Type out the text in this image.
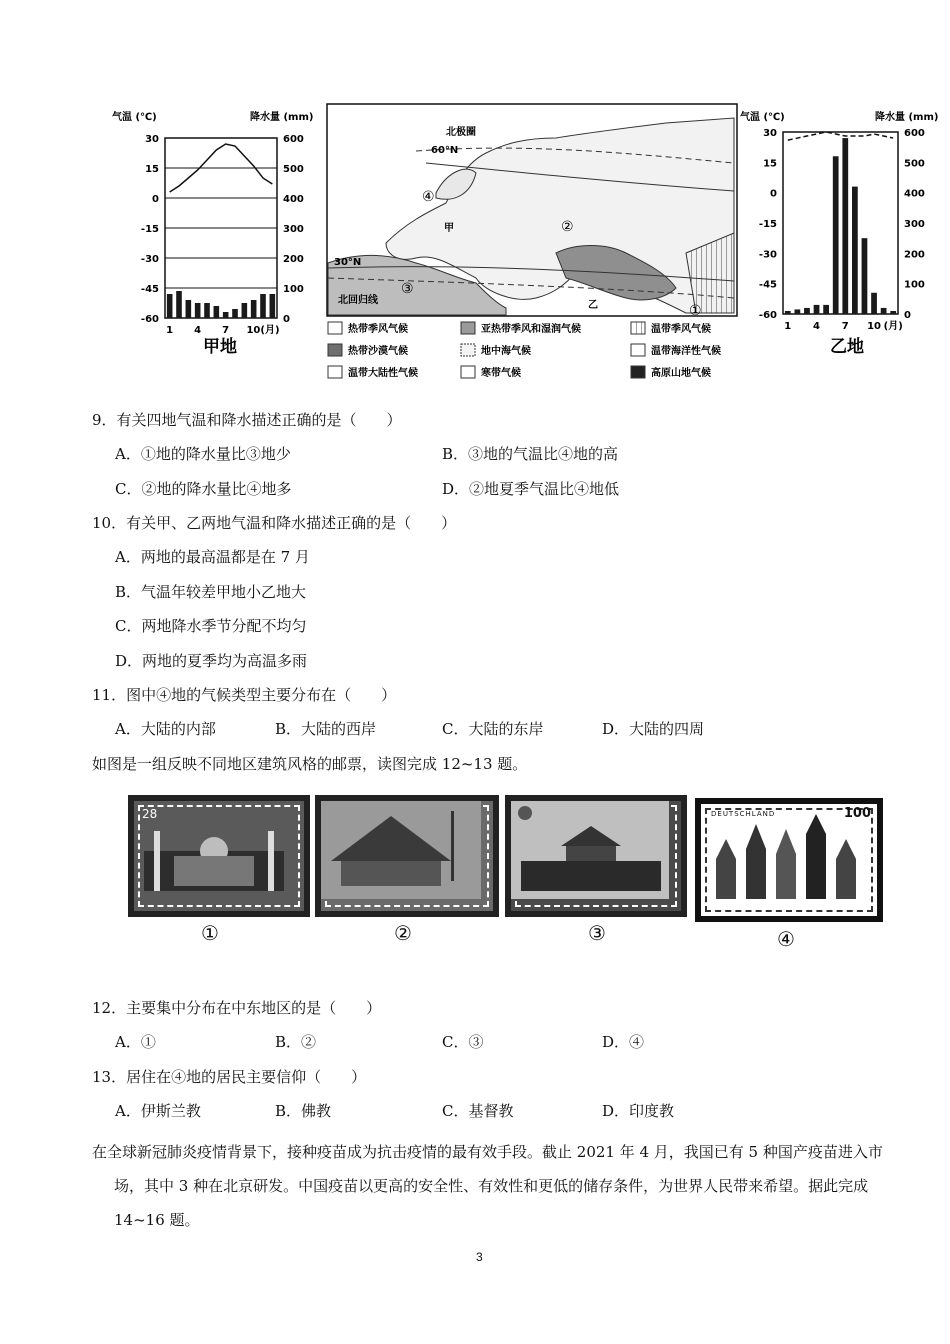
气温 (℃)	降水量 (mm)
30
15
0
-15
-30
-45
-60
600
500
400
300
200
100
0
1 4 7 10(月)
甲地
北极圈
60°N
30°N
北回归线
甲
乙
④
②
③
①
热带季风气候	亚热带季风和湿润气候	温带季风气候
热带沙漠气候	地中海气候	温带海洋性气候
温带大陆性气候	寒带气候	高原山地气候
气温 (℃)	降水量 (mm)
30
15
0
-15
-30
-45
-60
600
500
400
300
200
100
0
1 4 7 10 (月)
乙地
9．有关四地气温和降水描述正确的是（　　）
A．①地的降水量比③地少	B．③地的气温比④地的高
C．②地的降水量比④地多	D．②地夏季气温比④地低
10．有关甲、乙两地气温和降水描述正确的是（　　）
A．两地的最高温都是在 7 月
B．气温年较差甲地小乙地大
C．两地降水季节分配不均匀
D．两地的夏季均为高温多雨
11．图中④地的气候类型主要分布在（　　）
A．大陆的内部	B．大陆的西岸	C．大陆的东岸	D．大陆的四周
如图是一组反映不同地区建筑风格的邮票，读图完成 12~13 题。
28	DEUTSCHLAND	100
①	②	③	④
12．主要集中分布在中东地区的是（　　）
A．①	B．②	C．③	D．④
13．居住在④地的居民主要信仰（　　）
A．伊斯兰教	B．佛教	C．基督教	D．印度教
在全球新冠肺炎疫情背景下，接种疫苗成为抗击疫情的最有效手段。截止 2021 年 4 月，我国已有 5 种国产疫苗进入市场，其中 3 种在北京研发。中国疫苗以更高的安全性、有效性和更低的储存条件，为世界人民带来希望。据此完成 14~16 题。
3
